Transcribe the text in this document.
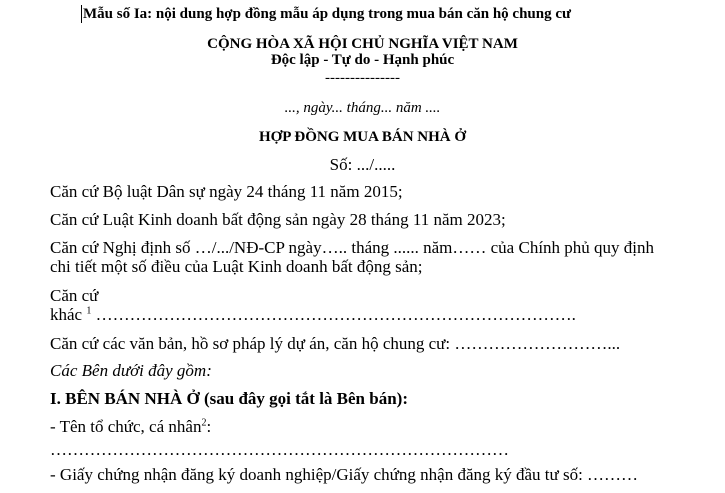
Mẫu số Ia: nội dung hợp đồng mẫu áp dụng trong mua bán căn hộ chung cư
CỘNG HÒA XÃ HỘI CHỦ NGHĨA VIỆT NAM
Độc lập - Tự do - Hạnh phúc
---------------
..., ngày... tháng... năm ....
HỢP ĐỒNG MUA BÁN NHÀ Ở
Số: .../.....
Căn cứ Bộ luật Dân sự ngày 24 tháng 11 năm 2015;
Căn cứ Luật Kinh doanh bất động sản ngày 28 tháng 11 năm 2023;
Căn cứ Nghị định số …/.../NĐ-CP ngày….. tháng ...... năm…… của Chính phủ quy định
chi tiết một số điều của Luật Kinh doanh bất động sản;
Căn cứ
khác $^1$ ………………………………………………………………………….
Căn cứ các văn bản, hồ sơ pháp lý dự án, căn hộ chung cư: ………………………...
Các Bên dưới đây gồm:
I. BÊN BÁN NHÀ Ở (sau đây gọi tắt là Bên bán):
- Tên tổ chức, cá nhân$^2$:
………………………………………………………………………
- Giấy chứng nhận đăng ký doanh nghiệp/Giấy chứng nhận đăng ký đầu tư số: ………
